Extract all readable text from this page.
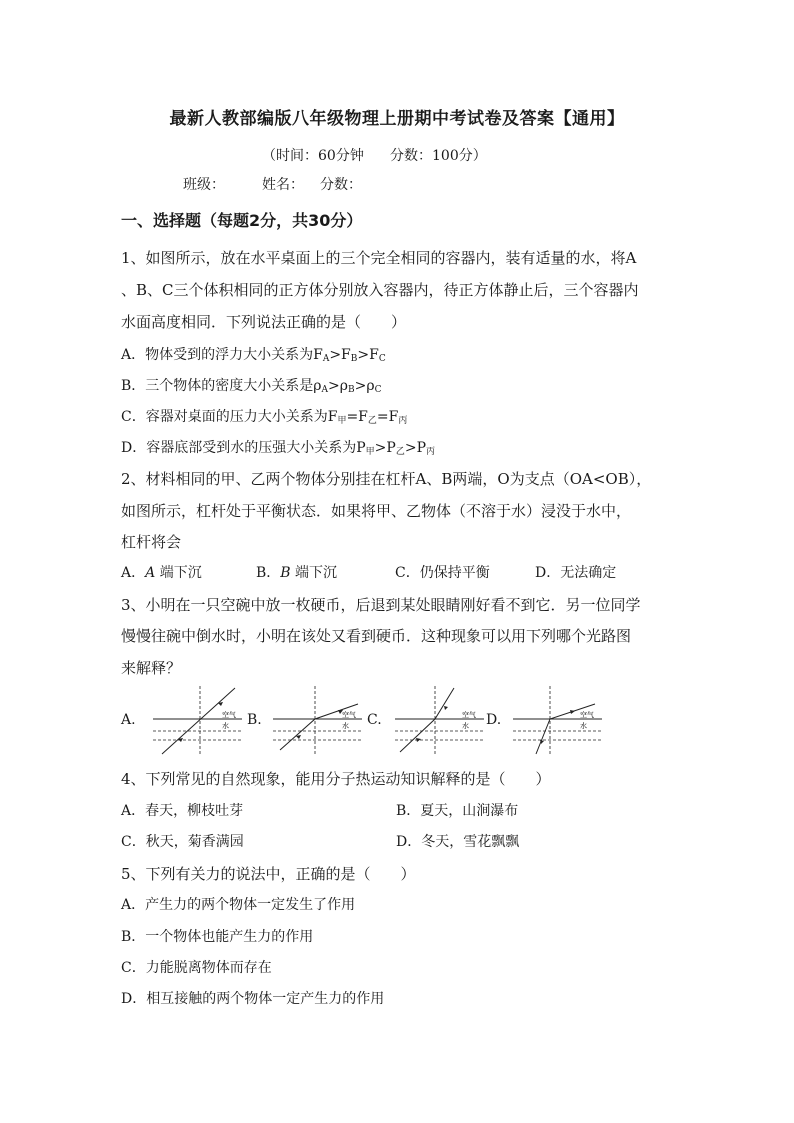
最新人教部编版八年级物理上册期中考试卷及答案【通用】
（时间：60分钟 分数：100分）
班级：	姓名： 分数：
一、选择题（每题2分，共30分）
1、如图所示，放在水平桌面上的三个完全相同的容器内，装有适量的水，将A
、B、C三个体积相同的正方体分别放入容器内，待正方体静止后，三个容器内
水面高度相同．下列说法正确的是（　　）
A．物体受到的浮力大小关系为$F_A>F_B>F_C$
B．三个物体的密度大小关系是$\rho_A>\rho_B>\rho_C$
C．容器对桌面的压力大小关系为$F_甲=F_乙=F_丙$
D．容器底部受到水的压强大小关系为$P_甲>P_乙>P_丙$
2、材料相同的甲、乙两个物体分别挂在杠杆A、B两端，O为支点（OA<OB），
如图所示，杠杆处于平衡状态．如果将甲、乙物体（不溶于水）浸没于水中，
杠杆将会
A．A 端下沉	B．B 端下沉	C．仍保持平衡	D．无法确定
3、小明在一只空碗中放一枚硬币，后退到某处眼睛刚好看不到它．另一位同学
慢慢往碗中倒水时，小明在该处又看到硬币．这种现象可以用下列哪个光路图
来解释？
A.	B.	C.	D.
空气
水
空气
水
空气
水
空气
水
4、下列常见的自然现象，能用分子热运动知识解释的是（　　）
A．春天，柳枝吐芽	B．夏天，山涧瀑布
C．秋天，菊香满园	D．冬天，雪花飘飘
5、下列有关力的说法中，正确的是（　　）
A．产生力的两个物体一定发生了作用
B．一个物体也能产生力的作用
C．力能脱离物体而存在
D．相互接触的两个物体一定产生力的作用
